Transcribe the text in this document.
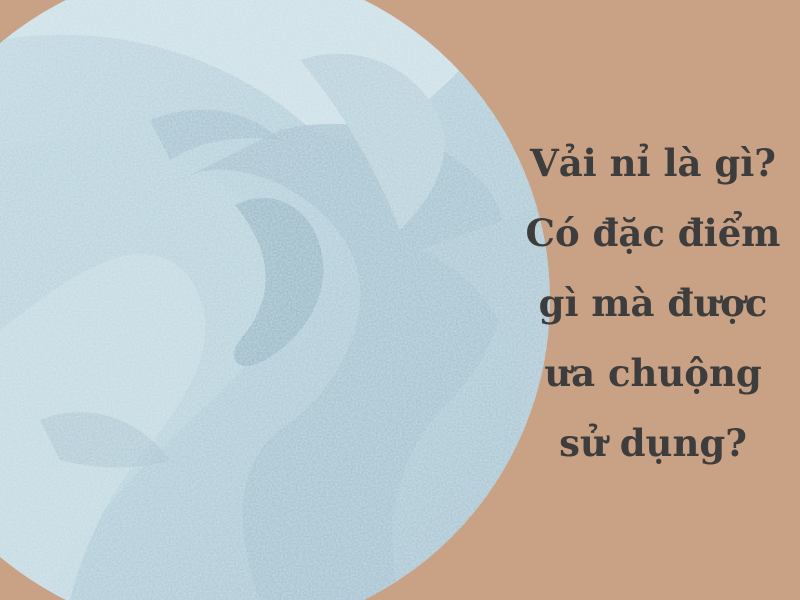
Vải nỉ là gì?
Có đặc điểm
gì mà được
ưa chuộng
sử dụng?
